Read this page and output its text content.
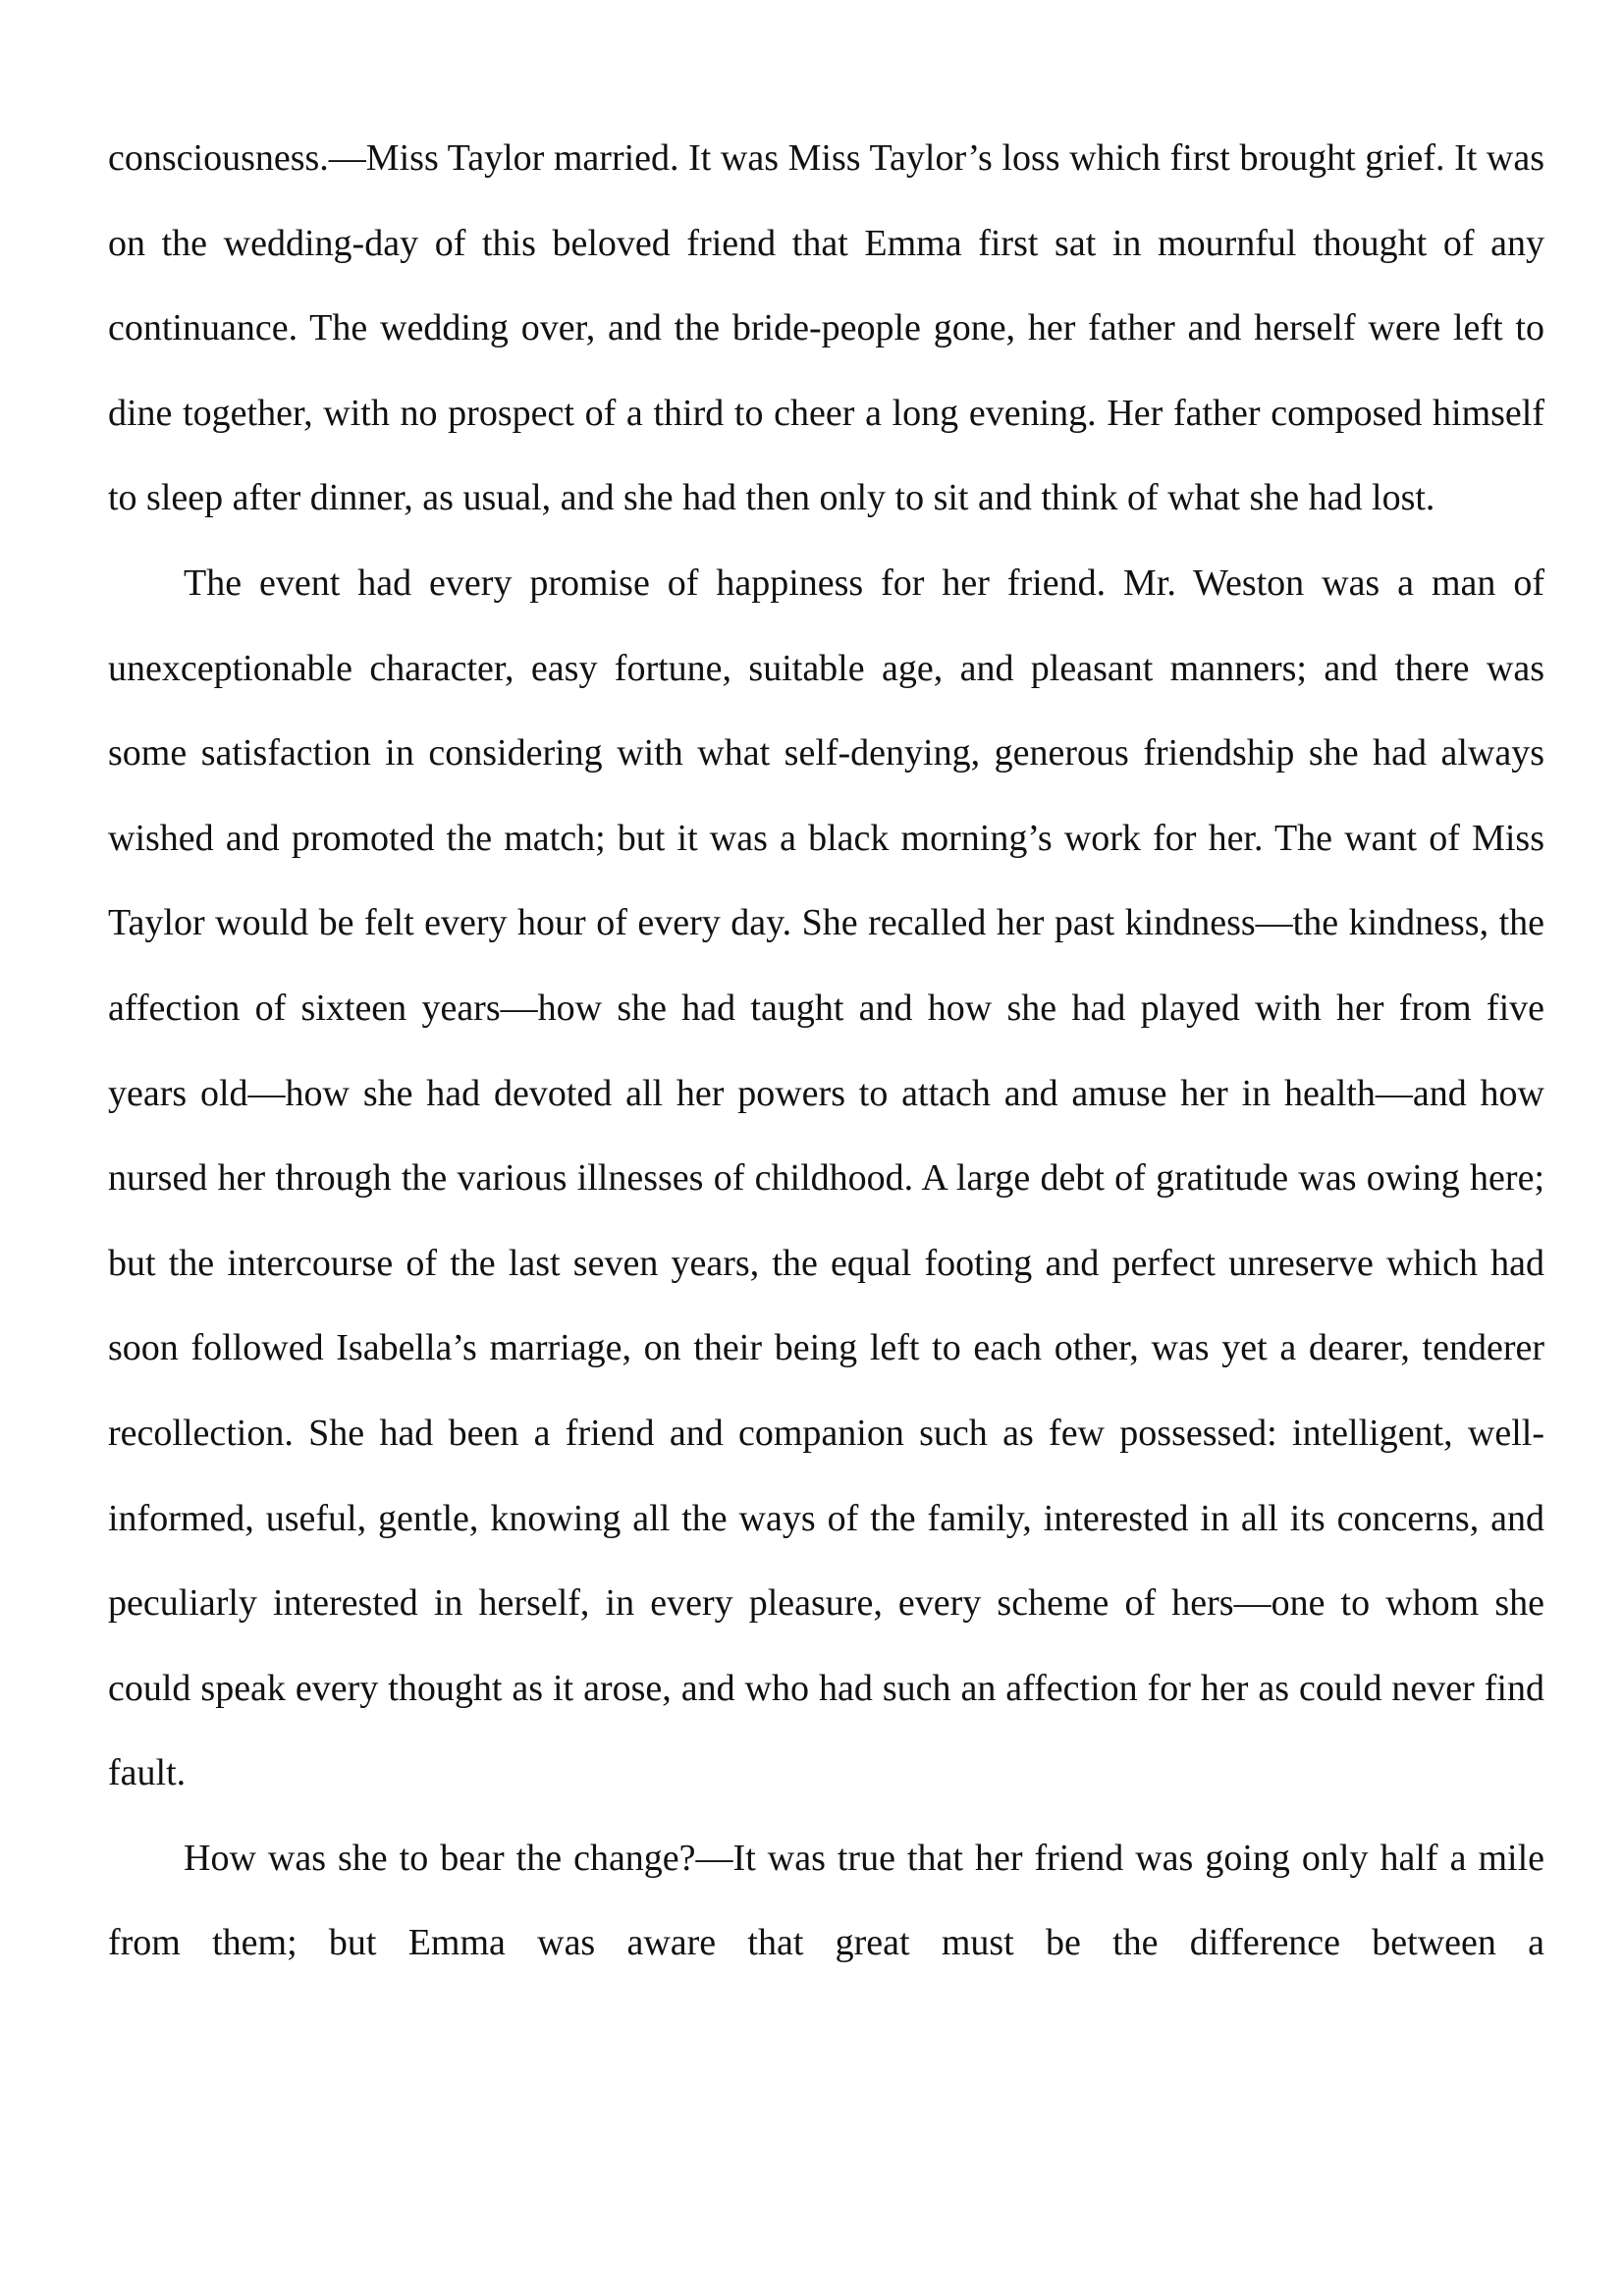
consciousness.—Miss Taylor married. It was Miss Taylor’s loss which first brought grief. It was on the wedding-day of this beloved friend that Emma first sat in mournful thought of any continuance. The wedding over, and the bride-people gone, her father and herself were left to dine together, with no prospect of a third to cheer a long evening. Her father composed himself to sleep after dinner, as usual, and she had then only to sit and think of what she had lost.

The event had every promise of happiness for her friend. Mr. Weston was a man of unexceptionable character, easy fortune, suitable age, and pleasant manners; and there was some satisfaction in considering with what self-denying, generous friendship she had always wished and promoted the match; but it was a black morning’s work for her. The want of Miss Taylor would be felt every hour of every day. She recalled her past kindness—the kindness, the affection of sixteen years—how she had taught and how she had played with her from five years old—how she had devoted all her powers to attach and amuse her in health—and how nursed her through the various illnesses of childhood. A large debt of gratitude was owing here; but the intercourse of the last seven years, the equal footing and perfect unreserve which had soon followed Isabella’s marriage, on their being left to each other, was yet a dearer, tenderer recollection. She had been a friend and companion such as few possessed: intelligent, well-informed, useful, gentle, knowing all the ways of the family, interested in all its concerns, and peculiarly interested in herself, in every pleasure, every scheme of hers—one to whom she could speak every thought as it arose, and who had such an affection for her as could never find fault.

How was she to bear the change?—It was true that her friend was going only half a mile from them; but Emma was aware that great must be the difference between a
